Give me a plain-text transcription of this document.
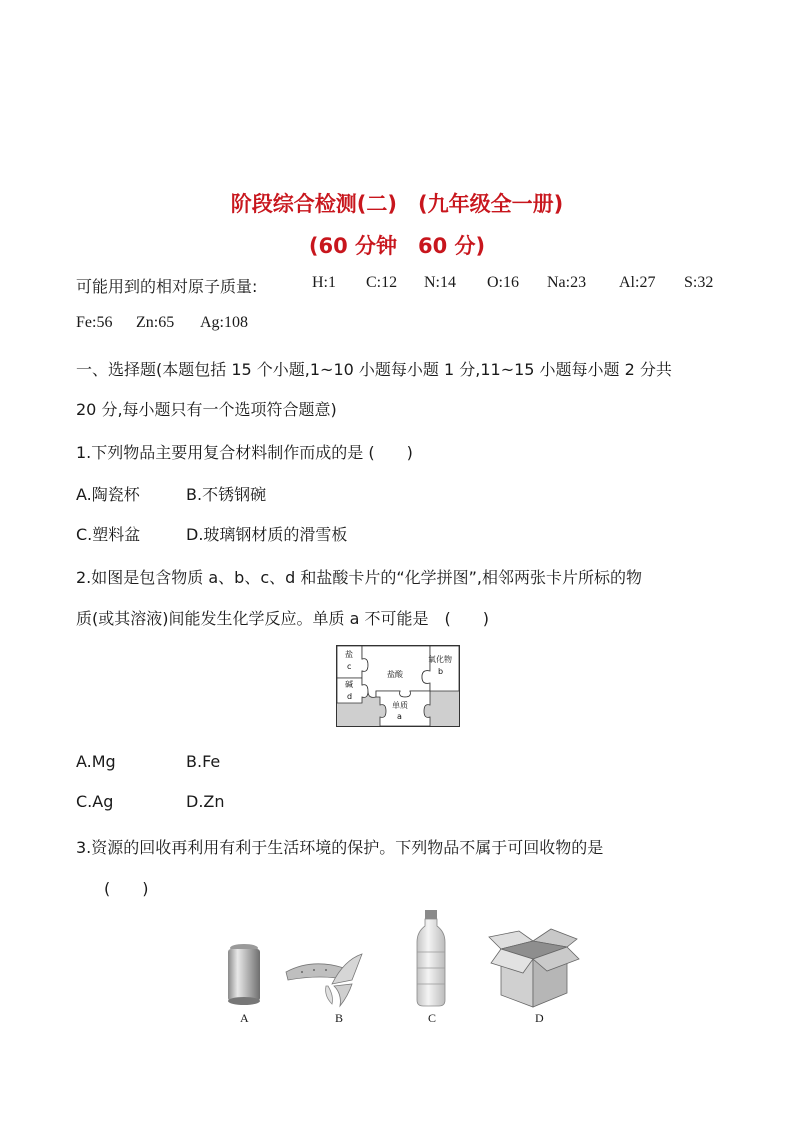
阶段综合检测(二)　(九年级全一册)
(60 分钟　60 分)
可能用到的相对原子质量:	H:1 C:12 N:14 O:16 Na:23 Al:27 S:32
Fe:56 Zn:65 Ag:108
一、选择题(本题包括 15 个小题,1~10 小题每小题 1 分,11~15 小题每小题 2 分共
20 分,每小题只有一个选项符合题意)
1.下列物品主要用复合材料制作而成的是 (　　)
A.陶瓷杯	B.不锈钢碗
C.塑料盆	D.玻璃钢材质的滑雪板
2.如图是包含物质 a、b、c、d 和盐酸卡片的“化学拼图”,相邻两张卡片所标的物
质(或其溶液)间能发生化学反应。单质 a 不可能是　(　　)
盐
c
碱
d
盐酸
氧化物
b
单质
a
A.Mg	B.Fe
C.Ag	D.Zn
3.资源的回收再利用有利于生活环境的保护。下列物品不属于可回收物的是
(　　)
A	B	C	D
